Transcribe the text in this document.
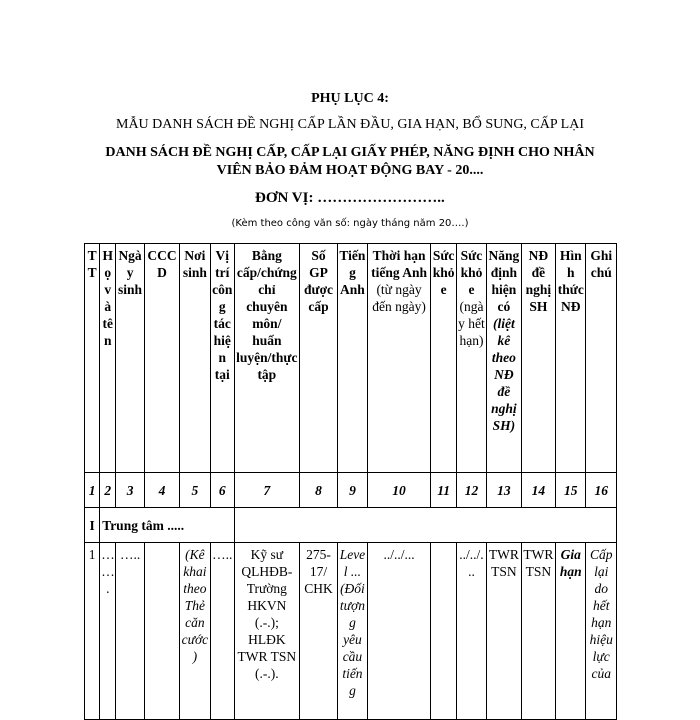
PHỤ LỤC 4:
MẪU DANH SÁCH ĐỀ NGHỊ CẤP LẦN ĐẦU, GIA HẠN, BỔ SUNG, CẤP LẠI
DANH SÁCH ĐỀ NGHỊ CẤP, CẤP LẠI GIẤY PHÉP, NĂNG ĐỊNH CHO NHÂN
VIÊN BẢO ĐẢM HOẠT ĐỘNG BAY - 20....
ĐƠN VỊ: ……………………..
(Kèm theo công văn số: ngày tháng năm 20….)
TT	Họ và tên	Ngày sinh	CCCD	Nơi sinh	Vị trí công tác hiện tại	Bằng cấp/chứng chỉ chuyên môn/ huấn luyện/thực tập	Số GP được cấp	Tiếng Anh	Thời hạn tiếng Anh (từ ngày đến ngày)	Sức khỏe	Sức khỏe (ngày hết hạn)	Năng định hiện có (liệt kê theo NĐ đề nghị SH)	NĐ đề nghị SH	Hình thức NĐ	Ghi chú
1	2	3	4	5	6	7	8	9	10	11	12	13	14	15	16
I	Trung tâm .....														
1	…….	…..		(Kê khai theo Thẻ căn cước)	…..	Kỹ sư QLHĐB-Trường HKVN (.-.); HLĐK TWR TSN (.-.).	275-17/ CHK	Level ... (Đối tượng yêu cầu tiếng	../../...		../../...	TWR TSN	TWR TSN	Gia hạn	Cấp lại do hết hạn hiệu lực của
